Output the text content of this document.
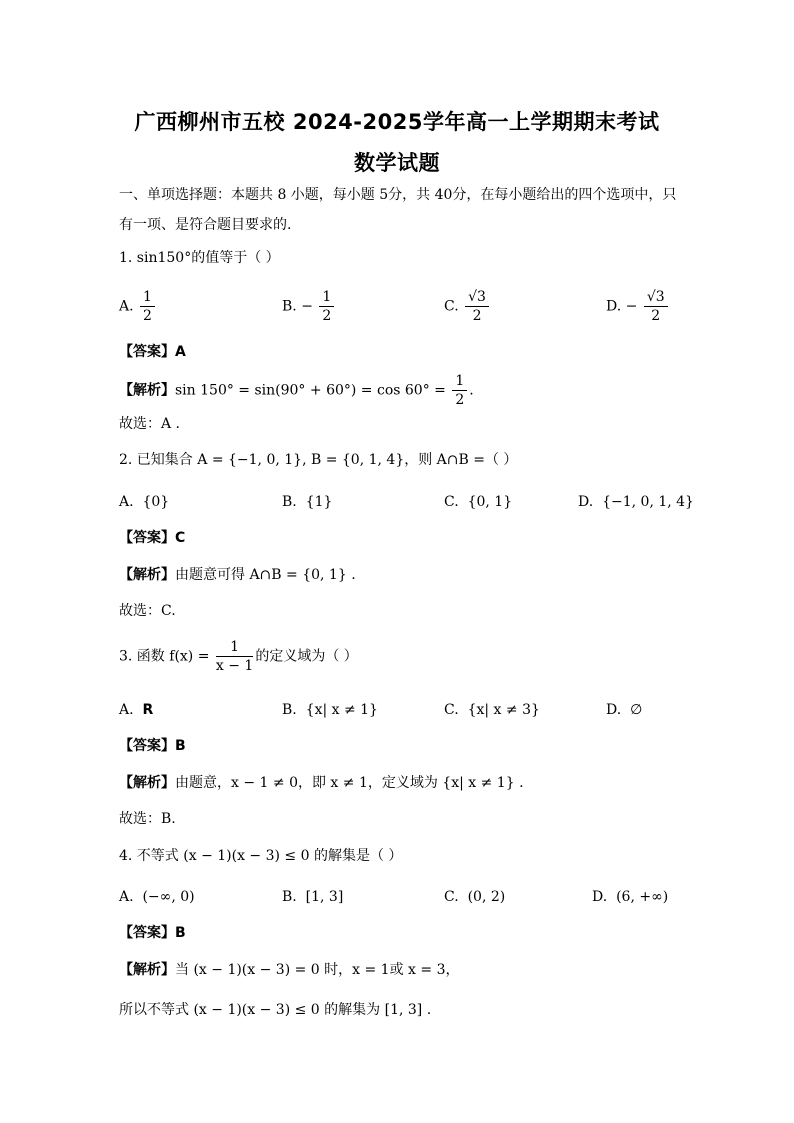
广西柳州市五校 2024-2025学年高一上学期期末考试
数学试题
一、单项选择题：本题共 8 小题，每小题 5分，共 40分，在每小题给出的四个选项中，只
有一项、是符合题目要求的.
1. sin150°的值等于（ ）
A. $\frac{1}{2}$	B. − $\frac{1}{2}$	C. $\frac{√3}{2}$	D. − $\frac{√3}{2}$
【答案】A
【解析】$\sin 150^\circ = \sin(90^\circ + 60^\circ) = \cos 60^\circ = \frac{1}{2}$ .
故选：A .
2. 已知集合 A = {−1, 0, 1}, B = {0, 1, 4}，则 A∩B =（ ）
A. {0}	B. {1}	C. {0, 1}	D. {−1, 0, 1, 4}
【答案】C
【解析】由题意可得 A∩B = {0, 1} .
故选：C.
3. 函数 $f(x) = \frac{1}{x - 1}$ 的定义域为（ ）
A. R	B. {x| x ≠ 1}	C. {x| x ≠ 3}	D. ∅
【答案】B
【解析】由题意，x − 1 ≠ 0，即 x ≠ 1，定义域为 {x| x ≠ 1} .
故选：B.
4. 不等式 (x − 1)(x − 3) ≤ 0 的解集是（ ）
A. (−∞, 0)	B. [1, 3]	C. (0, 2)	D. (6, +∞)
【答案】B
【解析】当 (x − 1)(x − 3) = 0 时，x = 1或 x = 3，
所以不等式 (x − 1)(x − 3) ≤ 0 的解集为 [1, 3] .
